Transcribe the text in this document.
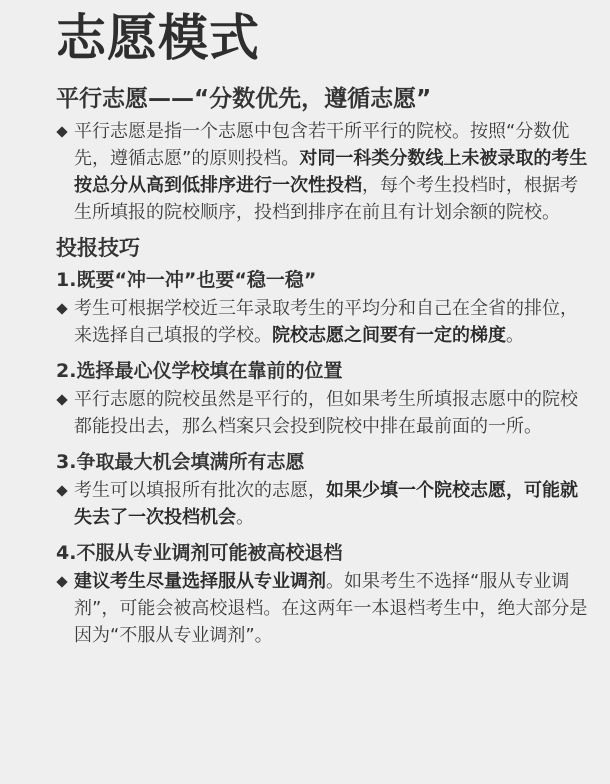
志愿模式
平行志愿——“分数优先，遵循志愿”
平行志愿是指一个志愿中包含若干所平行的院校。按照“分数优先，遵循志愿”的原则投档。对同一科类分数线上未被录取的考生按总分从高到低排序进行一次性投档，每个考生投档时，根据考生所填报的院校顺序，投档到排序在前且有计划余额的院校。
投报技巧
1.既要“冲一冲”也要“稳一稳”
考生可根据学校近三年录取考生的平均分和自己在全省的排位，来选择自己填报的学校。院校志愿之间要有一定的梯度。
2.选择最心仪学校填在靠前的位置
平行志愿的院校虽然是平行的，但如果考生所填报志愿中的院校都能投出去，那么档案只会投到院校中排在最前面的一所。
3.争取最大机会填满所有志愿
考生可以填报所有批次的志愿，如果少填一个院校志愿，可能就失去了一次投档机会。
4.不服从专业调剂可能被高校退档
建议考生尽量选择服从专业调剂。如果考生不选择“服从专业调剂”，可能会被高校退档。在这两年一本退档考生中，绝大部分是因为“不服从专业调剂”。
